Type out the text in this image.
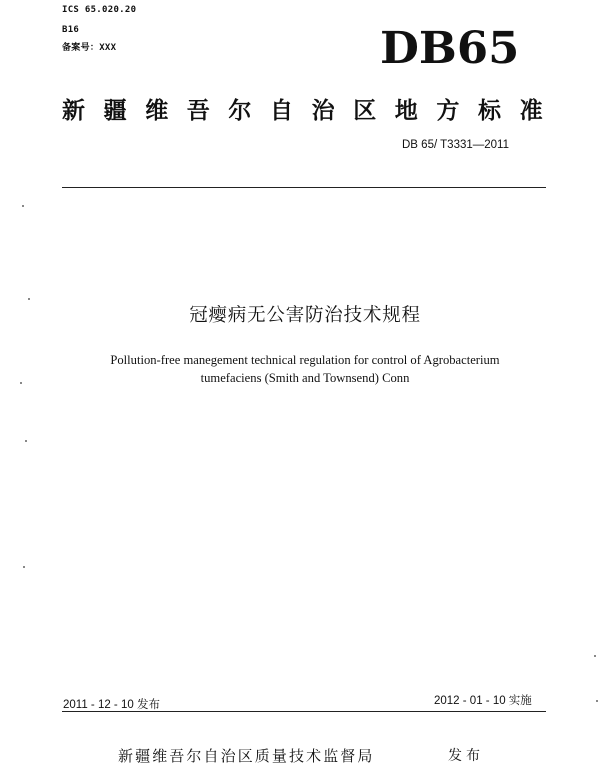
ICS 65.020.20
B16
备案号：XXX	DB65
新疆维吾尔自治区地方标准
DB 65/ T3331—2011
冠瘿病无公害防治技术规程
Pollution-free manegement technical regulation for control of Agrobacterium
tumefaciens (Smith and Townsend) Conn
2011 - 12 - 10 发布	2012 - 01 - 10 实施
新疆维吾尔自治区质量技术监督局	发布
